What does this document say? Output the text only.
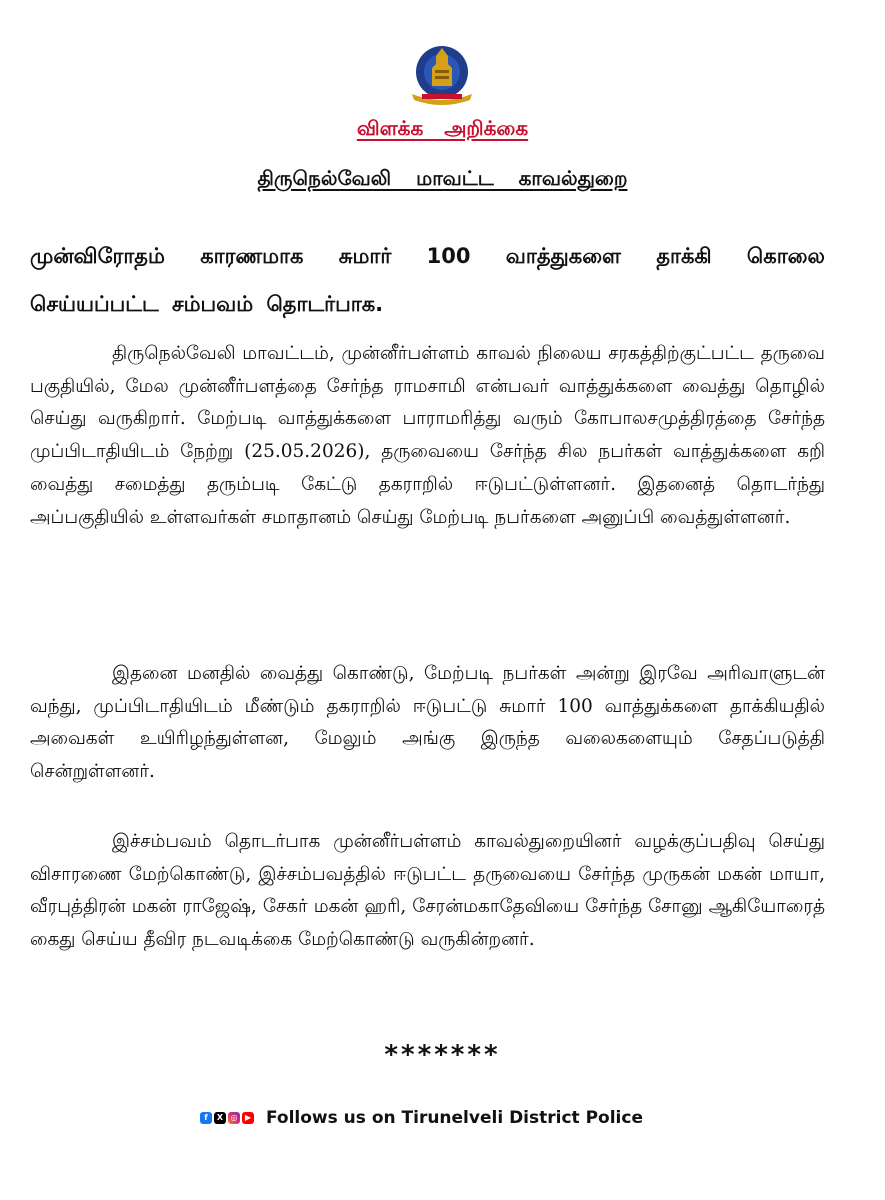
விளக்க அறிக்கை
திருநெல்வேலி மாவட்ட காவல்துறை
முன்விரோதம் காரணமாக சுமார் 100 வாத்துகளை தாக்கி கொலை செய்யப்பட்ட சம்பவம் தொடர்பாக.

திருநெல்வேலி மாவட்டம், முன்னீர்பள்ளம் காவல் நிலைய சரகத்திற்குட்பட்ட தருவை பகுதியில், மேல முன்னீர்பளத்தை சேர்ந்த ராமசாமி என்பவர் வாத்துக்களை வைத்து தொழில் செய்து வருகிறார். மேற்படி வாத்துக்களை பாராமரித்து வரும் கோபாலசமுத்திரத்தை சேர்ந்த முப்பிடாதியிடம் நேற்று (25.05.2026), தருவையை சேர்ந்த சில நபர்கள் வாத்துக்களை கறி வைத்து சமைத்து தரும்படி கேட்டு தகராறில் ஈடுபட்டுள்ளனர். இதனைத் தொடர்ந்து அப்பகுதியில் உள்ளவர்கள் சமாதானம் செய்து மேற்படி நபர்களை அனுப்பி வைத்துள்ளனர்.

இதனை மனதில் வைத்து கொண்டு, மேற்படி நபர்கள் அன்று இரவே அரிவாளுடன் வந்து, முப்பிடாதியிடம் மீண்டும் தகராறில் ஈடுபட்டு சுமார் 100 வாத்துக்களை தாக்கியதில் அவைகள் உயிரிழந்துள்ளன, மேலும் அங்கு இருந்த வலைகளையும் சேதப்படுத்தி சென்றுள்ளனர்.

இச்சம்பவம் தொடர்பாக முன்னீர்பள்ளம் காவல்துறையினர் வழக்குப்பதிவு செய்து விசாரணை மேற்கொண்டு, இச்சம்பவத்தில் ஈடுபட்ட தருவையை சேர்ந்த முருகன் மகன் மாயா, வீரபுத்திரன் மகன் ராஜேஷ், சேகர் மகன் ஹரி, சேரன்மகாதேவியை சேர்ந்த சோனு ஆகியோரைத் கைது செய்ய தீவிர நடவடிக்கை மேற்கொண்டு வருகின்றனர்.

*******
f	X ◎ ▶ Follows us on Tirunelveli District Police
